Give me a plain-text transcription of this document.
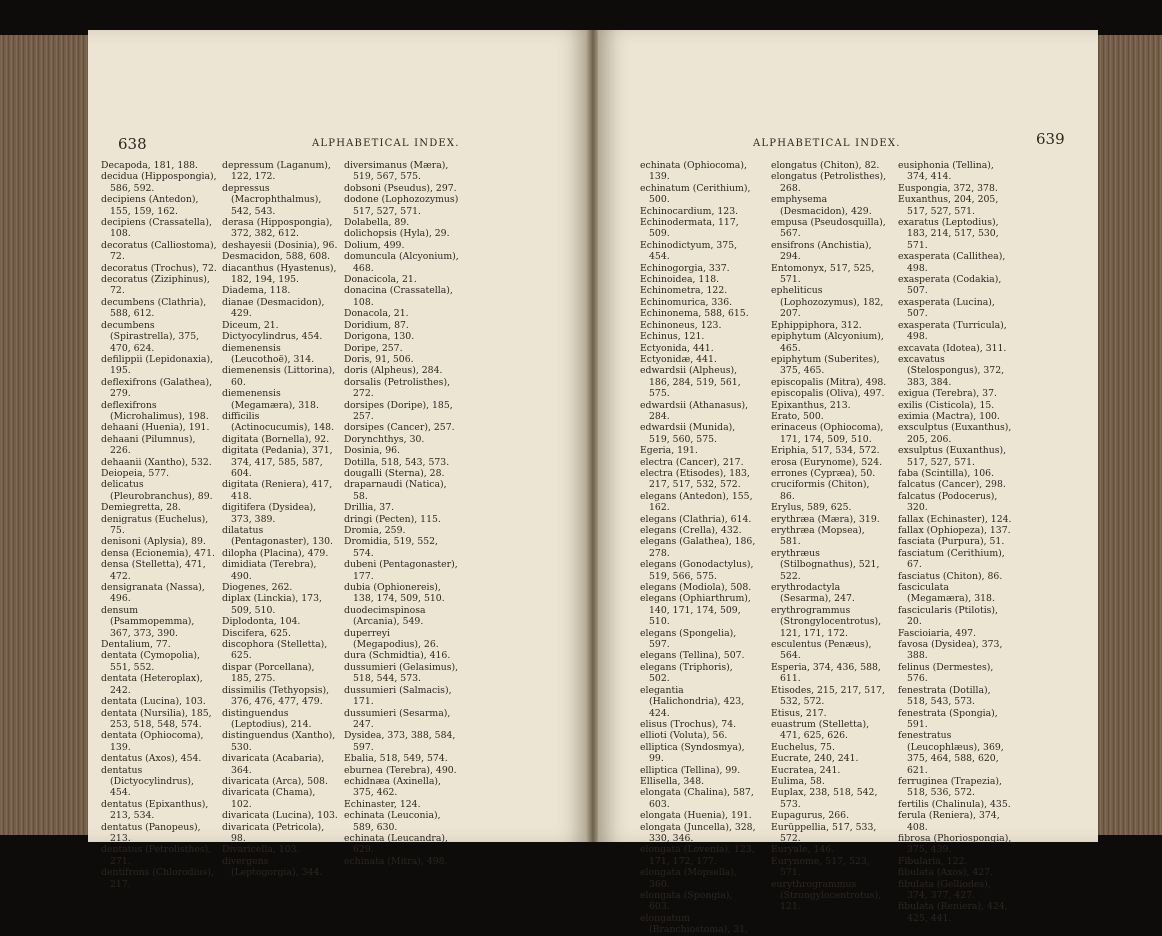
638	ALPHABETICAL INDEX.

Decapoda, 181, 188.

decidua (Hippospongia), 586, 592.

decipiens (Antedon), 155, 159, 162.

decipiens (Crassatella), 108.

decoratus (Calliostoma), 72.

decoratus (Trochus), 72.

decoratus (Ziziphinus), 72.

decumbens (Clathria), 588, 612.

decumbens (Spirastrella), 375, 470, 624.

defilippii (Lepidonaxia), 195.

deflexifrons (Galathea), 279.

deflexifrons (Microhalimus), 198.

dehaani (Huenia), 191.

dehaani (Pilumnus), 226.

dehaanii (Xantho), 532.

Deiopeia, 577.

delicatus (Pleurobranchus), 89.

Demiegretta, 28.

denigratus (Euchelus), 75.

denisoni (Aplysia), 89.

densa (Ecionemia), 471.

densa (Stelletta), 471, 472.

densigranata (Nassa), 496.

densum (Psammopemma), 367, 373, 390.

Dentalium, 77.

dentata (Cymopolia), 551, 552.

dentata (Heteroplax), 242.

dentata (Lucina), 103.

dentata (Nursilia), 185, 253, 518, 548, 574.

dentata (Ophiocoma), 139.

dentatus (Axos), 454.

dentatus (Dictyocylindrus), 454.

dentatus (Epixanthus), 213, 534.

dentatus (Panopeus), 213.

dentatus (Petrolisthes), 271.

dentifrons (Chlorodius), 217.

depressum (Laganum), 122, 172.

depressus (Macrophthalmus), 542, 543.

derasa (Hippospongia), 372, 382, 612.

deshayesii (Dosinia), 96.

Desmacidon, 588, 608.

diacanthus (Hyastenus), 182, 194, 195.

Diadema, 118.

dianae (Desmacidon), 429.

Diceum, 21.

Dictyocylindrus, 454.

diemenensis (Leucothoë), 314.

diemenensis (Littorina), 60.

diemenensis (Megamæra), 318.

difficilis (Actinocucumis), 148.

digitata (Bornella), 92.

digitata (Pedania), 371, 374, 417, 585, 587, 604.

digitata (Reniera), 417, 418.

digitifera (Dysidea), 373, 389.

dilatatus (Pentagonaster), 130.

dilopha (Placina), 479.

dimidiata (Terebra), 490.

Diogenes, 262.

diplax (Linckia), 173, 509, 510.

Diplodonta, 104.

Discifera, 625.

discophora (Stelletta), 625.

dispar (Porcellana), 185, 275.

dissimilis (Tethyopsis), 376, 476, 477, 479.

distinguendus (Leptodius), 214.

distinguendus (Xantho), 530.

divaricata (Acabaria), 364.

divaricata (Arca), 508.

divaricata (Chama), 102.

divaricata (Lucina), 103.

divaricata (Petricola), 98.

Divaricella, 103.

divergens (Leptogorgia), 344.

diversimanus (Mæra), 519, 567, 575.

dobsoni (Pseudus), 297.

dodone (Lophozozymus) 517, 527, 571.

Dolabella, 89.

dolichopsis (Hyla), 29.

Dolium, 499.

domuncula (Alcyonium), 468.

Donacicola, 21.

donacina (Crassatella), 108.

Donacola, 21.

Doridium, 87.

Dorigona, 130.

Doripe, 257.

Doris, 91, 506.

doris (Alpheus), 284.

dorsalis (Petrolisthes), 272.

dorsipes (Doripe), 185, 257.

dorsipes (Cancer), 257.

Dorynchthys, 30.

Dosinia, 96.

Dotilla, 518, 543, 573.

dougalli (Sterna), 28.

draparnaudi (Natica), 58.

Drillia, 37.

dringi (Pecten), 115.

Dromia, 259.

Dromidia, 519, 552, 574.

dubeni (Pentagonaster), 177.

dubia (Ophionereis), 138, 174, 509, 510.

duodecimspinosa (Arcania), 549.

duperreyi (Megapodius), 26.

dura (Schmidtia), 416.

dussumieri (Gelasimus), 518, 544, 573.

dussumieri (Salmacis), 171.

dussumieri (Sesarma), 247.

Dysidea, 373, 388, 584, 597.

Ebalia, 518, 549, 574.

eburnea (Terebra), 490.

echidnæa (Axinella), 375, 462.

Echinaster, 124.

echinata (Leuconia), 589, 630.

echinata (Leucandra), 629.

echinata (Mitra), 498.

ALPHABETICAL INDEX.	639

echinata (Ophiocoma), 139.

echinatum (Cerithium), 500.

Echinocardium, 123.

Echinodermata, 117, 509.

Echinodictyum, 375, 454.

Echinogorgia, 337.

Echinoidea, 118.

Echinometra, 122.

Echinomurica, 336.

Echinonema, 588, 615.

Echinoneus, 123.

Echinus, 121.

Ectyonida, 441.

Ectyonidæ, 441.

edwardsii (Alpheus), 186, 284, 519, 561, 575.

edwardsii (Athanasus), 284.

edwardsii (Munida), 519, 560, 575.

Egeria, 191.

electra (Cancer), 217.

electra (Etisodes), 183, 217, 517, 532, 572.

elegans (Antedon), 155, 162.

elegans (Clathria), 614.

elegans (Crella), 432.

elegans (Galathea), 186, 278.

elegans (Gonodactylus), 519, 566, 575.

elegans (Modiola), 508.

elegans (Ophiarthrum), 140, 171, 174, 509, 510.

elegans (Spongelia), 597.

elegans (Tellina), 507.

elegans (Triphoris), 502.

elegantia (Halichondria), 423, 424.

elisus (Trochus), 74.

ellioti (Voluta), 56.

elliptica (Syndosmya), 99.

elliptica (Tellina), 99.

Ellisella, 348.

elongata (Chalina), 587, 603.

elongata (Huenia), 191.

elongata (Juncella), 328, 330, 346.

elongata (Lovenia), 123, 171, 172, 177.

elongata (Mopsella), 360.

elongata (Spongia), 603.

elongatum (Branchiostoma), 31.

elongatus (Chiton), 82.

elongatus (Petrolisthes), 268.

emphysema (Desmacidon), 429.

empusa (Pseudosquilla), 567.

ensifrons (Anchistia), 294.

Entomonyx, 517, 525, 571.

epheliticus (Lophozozymus), 182, 207.

Ephippiphora, 312.

epiphytum (Alcyonium), 465.

epiphytum (Suberites), 375, 465.

episcopalis (Mitra), 498.

episcopalis (Oliva), 497.

Epixanthus, 213.

Erato, 500.

erinaceus (Ophiocoma), 171, 174, 509, 510.

Eriphia, 517, 534, 572.

erosa (Eurynome), 524.

errones (Cypræa), 50.

cruciformis (Chiton), 86.

Erylus, 589, 625.

erythræa (Mæra), 319.

erythræa (Mopsea), 581.

erythræus (Stilbognathus), 521, 522.

erythrodactyla (Sesarma), 247.

erythrogrammus (Strongylocentrotus), 121, 171, 172.

esculentus (Penæus), 564.

Esperia, 374, 436, 588, 611.

Etisodes, 215, 217, 517, 532, 572.

Etisus, 217.

euastrum (Stelletta), 471, 625, 626.

Euchelus, 75.

Eucrate, 240, 241.

Eucratea, 241.

Eulima, 58.

Euplax, 238, 518, 542, 573.

Eupagurus, 266.

Eurüppellia, 517, 533, 572.

Euryale, 146.

Eurynome, 517, 523, 571.

eurythrogrammus (Strongylocentrotus), 121.

eusiphonia (Tellina), 374, 414.

Euspongia, 372, 378.

Euxanthus, 204, 205, 517, 527, 571.

exaratus (Leptodius), 183, 214, 517, 530, 571.

exasperata (Callithea), 498.

exasperata (Codakia), 507.

exasperata (Lucina), 507.

exasperata (Turricula), 498.

excavata (Idotea), 311.

excavatus (Stelospongus), 372, 383, 384.

exigua (Terebra), 37.

exilis (Cisticola), 15.

eximia (Mactra), 100.

exsculptus (Euxanthus), 205, 206.

exsulptus (Euxanthus), 517, 527, 571.

faba (Scintilla), 106.

falcatus (Cancer), 298.

falcatus (Podocerus), 320.

fallax (Echinaster), 124.

fallax (Ophiopeza), 137.

fasciata (Purpura), 51.

fasciatum (Cerithium), 67.

fasciatus (Chiton), 86.

fasciculata (Megamæra), 318.

fascicularis (Ptilotis), 20.

Fascioiaria, 497.

favosa (Dysidea), 373, 388.

felinus (Dermestes), 576.

fenestrata (Dotilla), 518, 543, 573.

fenestrata (Spongia), 591.

fenestratus (Leucophlæus), 369, 375, 464, 588, 620, 621.

ferruginea (Trapezia), 518, 536, 572.

fertilis (Chalinula), 435.

ferula (Reniera), 374, 408.

fibrosa (Phoriospongia), 375, 439.

Fibularia, 122.

fibulata (Axos), 427.

fibulata (Gelliodes), 374, 377, 427.

fibulata (Reniera), 424, 425, 441.
